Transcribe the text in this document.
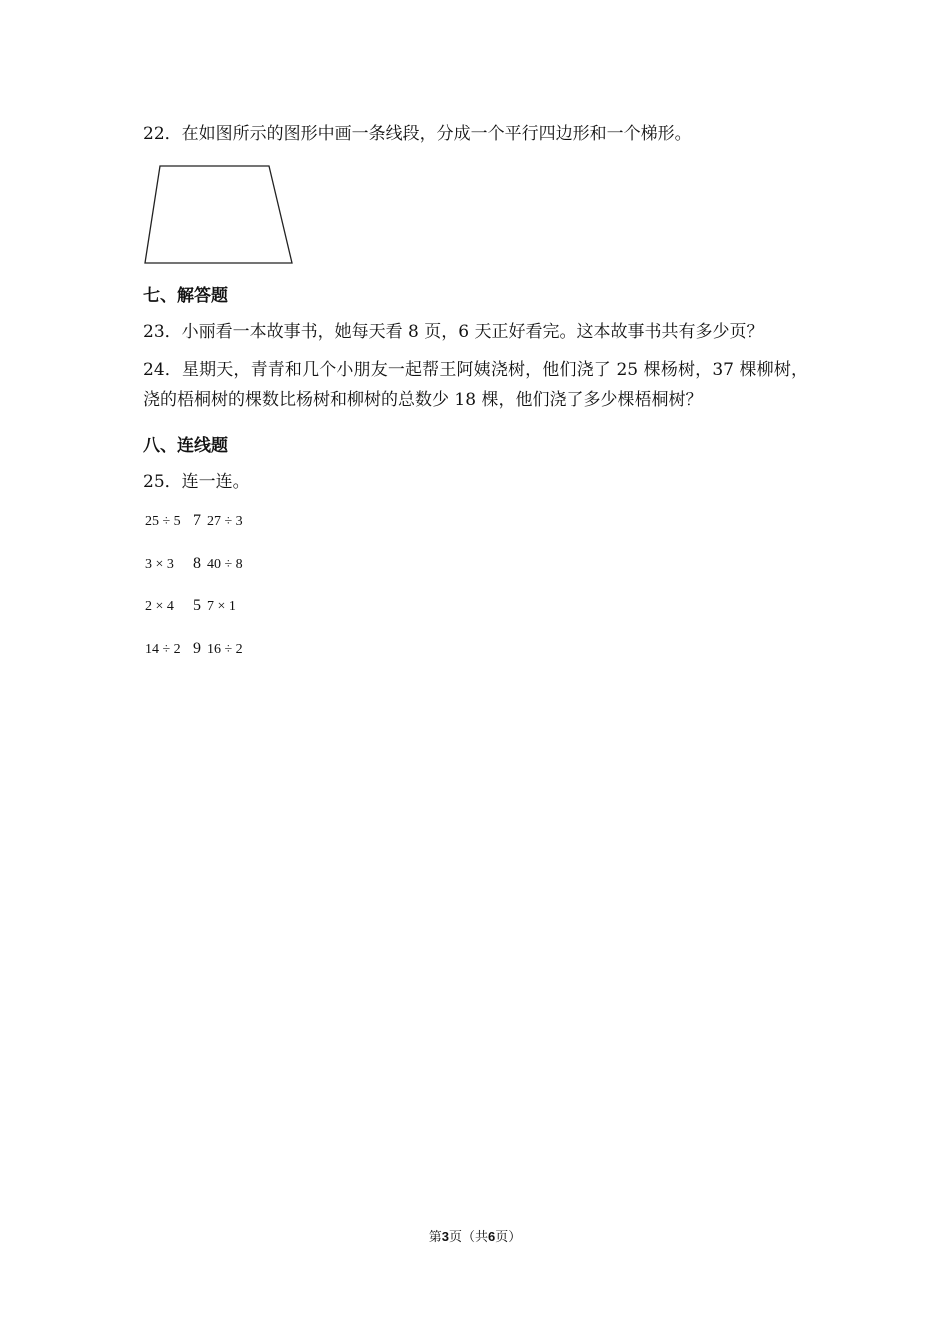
22．在如图所示的图形中画一条线段，分成一个平行四边形和一个梯形。
七、解答题
23．小丽看一本故事书，她每天看 8 页，6 天正好看完。这本故事书共有多少页？
24．星期天，青青和几个小朋友一起帮王阿姨浇树，他们浇了 25 棵杨树，37 棵柳树，浇的梧桐树的棵数比杨树和柳树的总数少 18 棵，他们浇了多少棵梧桐树？
八、连线题
25．连一连。
25 ÷ 5 7 27 ÷ 3
3 × 3 8 40 ÷ 8
2 × 4 5 7 × 1
14 ÷ 2 9 16 ÷ 2
第3页（共6页）
